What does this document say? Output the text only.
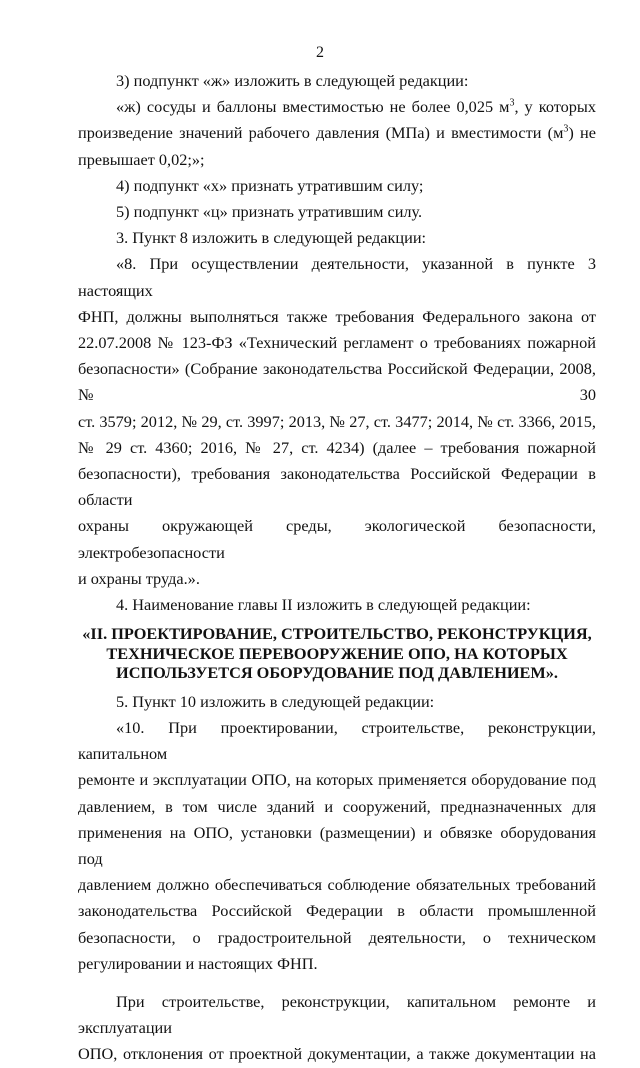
2

3) подпункт «ж» изложить в следующей редакции:

«ж) сосуды и баллоны вместимостью не более 0,025 $м^3$, у которых
произведение значений рабочего давления (МПа) и вместимости $(м^3)$ не
превышает 0,02;»;

4) подпункт «х» признать утратившим силу;

5) подпункт «ц» признать утратившим силу.

3. Пункт 8 изложить в следующей редакции:

«8. При осуществлении деятельности, указанной в пункте 3 настоящих
ФНП, должны выполняться также требования Федерального закона от
22.07.2008 № 123-ФЗ «Технический регламент о требованиях пожарной
безопасности» (Собрание законодательства Российской Федерации, 2008, № 30
ст. 3579; 2012, № 29, ст. 3997; 2013, № 27, ст. 3477; 2014, № ст. 3366, 2015,
№ 29 ст. 4360; 2016, № 27, ст. 4234) (далее – требования пожарной
безопасности), требования законодательства Российской Федерации в области
охраны окружающей среды, экологической безопасности, электробезопасности
и охраны труда.».

4. Наименование главы II изложить в следующей редакции:

«II. ПРОЕКТИРОВАНИЕ, СТРОИТЕЛЬСТВО, РЕКОНСТРУКЦИЯ,
ТЕХНИЧЕСКОЕ ПЕРЕВООРУЖЕНИЕ ОПО, НА КОТОРЫХ
ИСПОЛЬЗУЕТСЯ ОБОРУДОВАНИЕ ПОД ДАВЛЕНИЕМ».

5. Пункт 10 изложить в следующей редакции:

«10. При проектировании, строительстве, реконструкции, капитальном
ремонте и эксплуатации ОПО, на которых применяется оборудование под
давлением, в том числе зданий и сооружений, предназначенных для
применения на ОПО, установки (размещении) и обвязке оборудования под
давлением должно обеспечиваться соблюдение обязательных требований
законодательства Российской Федерации в области промышленной
безопасности, о градостроительной деятельности, о техническом
регулировании и настоящих ФНП.

При строительстве, реконструкции, капитальном ремонте и эксплуатации
ОПО, отклонения от проектной документации, а также документации на
